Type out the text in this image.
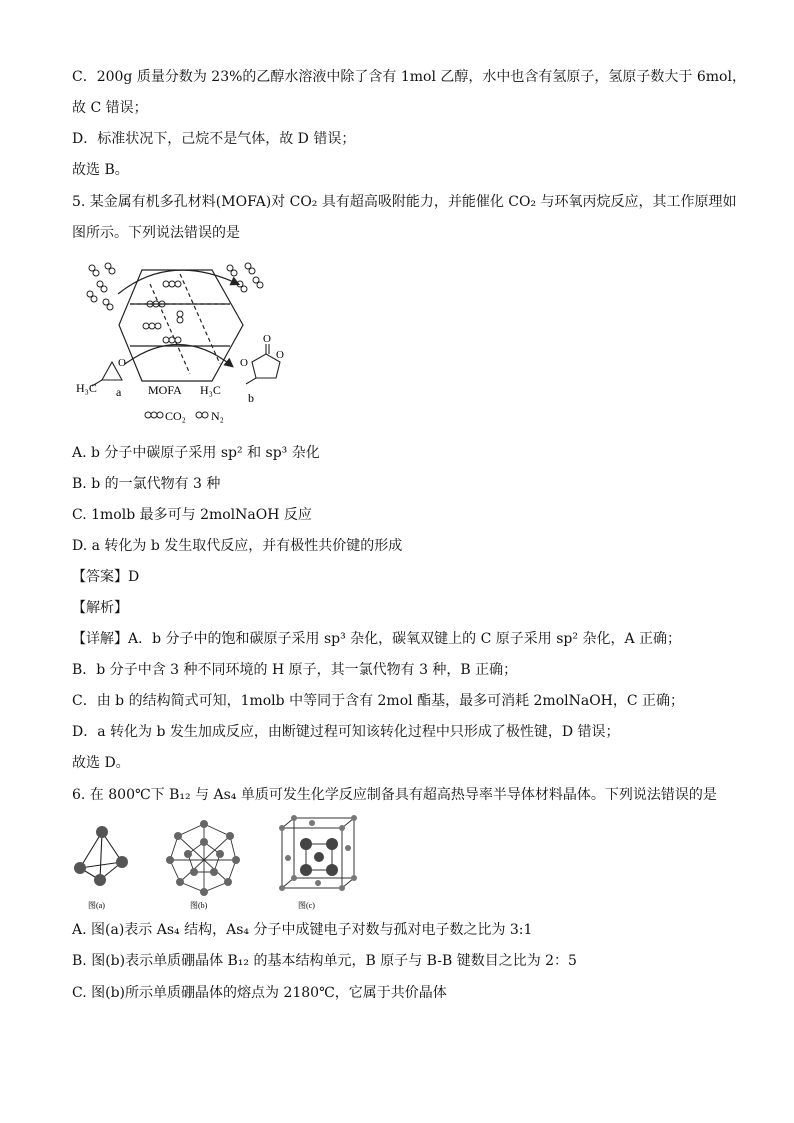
C．200g 质量分数为 23%的乙醇水溶液中除了含有 1mol 乙醇，水中也含有氢原子，氢原子数大于 6mol，
故 C 错误；
D．标准状况下，己烷不是气体，故 D 错误；
故选 B。
5. 某金属有机多孔材料(MOFA)对 CO₂ 具有超高吸附能力，并能催化 CO₂ 与环氧丙烷反应，其工作原理如
图所示。下列说法错误的是
O	O
O
O
H₃C a MOFA H₃C
b
CO₂ N₂
A. b 分子中碳原子采用 sp² 和 sp³ 杂化
B. b 的一氯代物有 3 种
C. 1molb 最多可与 2molNaOH 反应
D. a 转化为 b 发生取代反应，并有极性共价键的形成
【答案】D
【解析】
【详解】A．b 分子中的饱和碳原子采用 sp³ 杂化，碳氧双键上的 C 原子采用 sp² 杂化，A 正确；
B．b 分子中含 3 种不同环境的 H 原子，其一氯代物有 3 种，B 正确；
C．由 b 的结构简式可知，1molb 中等同于含有 2mol 酯基，最多可消耗 2molNaOH，C 正确；
D．a 转化为 b 发生加成反应，由断键过程可知该转化过程中只形成了极性键，D 错误；
故选 D。
6. 在 800℃下 B₁₂ 与 As₄ 单质可发生化学反应制备具有超高热导率半导体材料晶体。下列说法错误的是
图(a)	图(b)	图(c)
A. 图(a)表示 As₄ 结构，As₄ 分子中成键电子对数与孤对电子数之比为 3:1
B. 图(b)表示单质硼晶体 B₁₂ 的基本结构单元，B 原子与 B-B 键数目之比为 2：5
C. 图(b)所示单质硼晶体的熔点为 2180℃，它属于共价晶体
